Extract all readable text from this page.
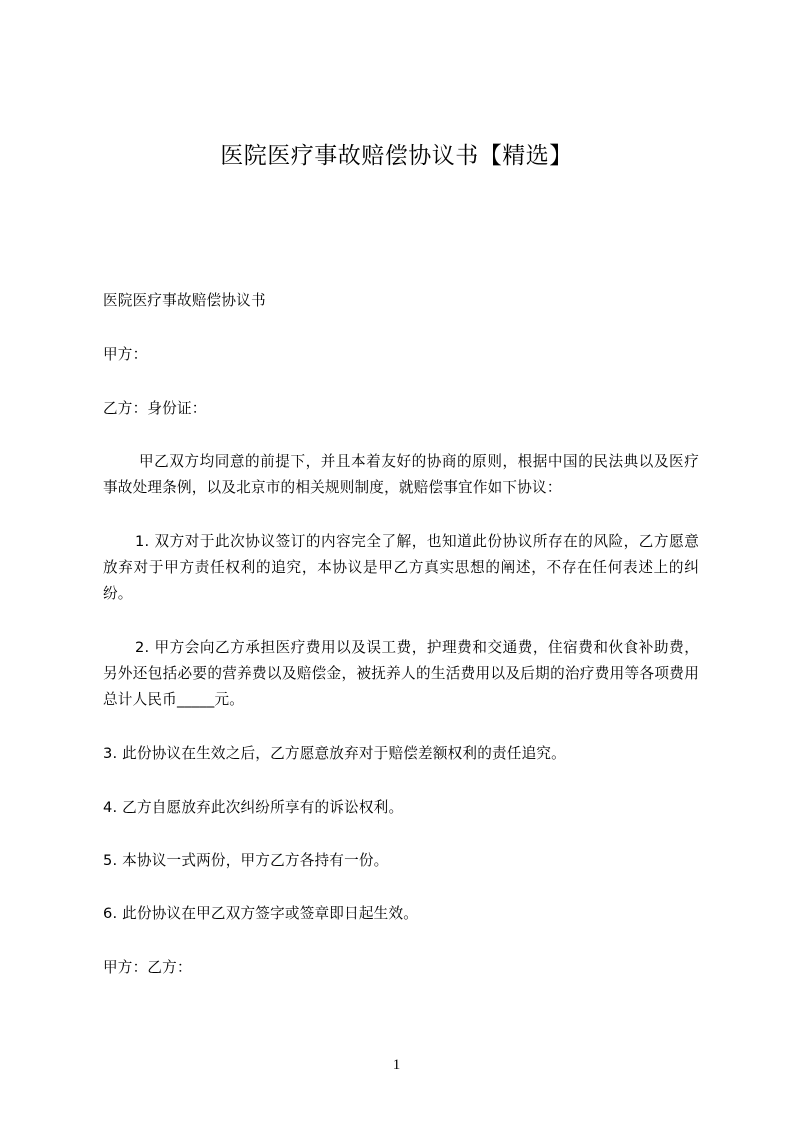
医院医疗事故赔偿协议书【精选】
医院医疗事故赔偿协议书
甲方：
乙方：身份证：
甲乙双方均同意的前提下，并且本着友好的协商的原则，根据中国的民法典以及医疗事故处理条例，以及北京市的相关规则制度，就赔偿事宜作如下协议：
1. 双方对于此次协议签订的内容完全了解，也知道此份协议所存在的风险，乙方愿意放弃对于甲方责任权利的追究，本协议是甲乙方真实思想的阐述，不存在任何表述上的纠纷。
2. 甲方会向乙方承担医疗费用以及误工费，护理费和交通费，住宿费和伙食补助费，另外还包括必要的营养费以及赔偿金，被抚养人的生活费用以及后期的治疗费用等各项费用总计人民币_____元。
3. 此份协议在生效之后，乙方愿意放弃对于赔偿差额权利的责任追究。
4. 乙方自愿放弃此次纠纷所享有的诉讼权利。
5. 本协议一式两份，甲方乙方各持有一份。
6. 此份协议在甲乙双方签字或签章即日起生效。
甲方：乙方：
1
